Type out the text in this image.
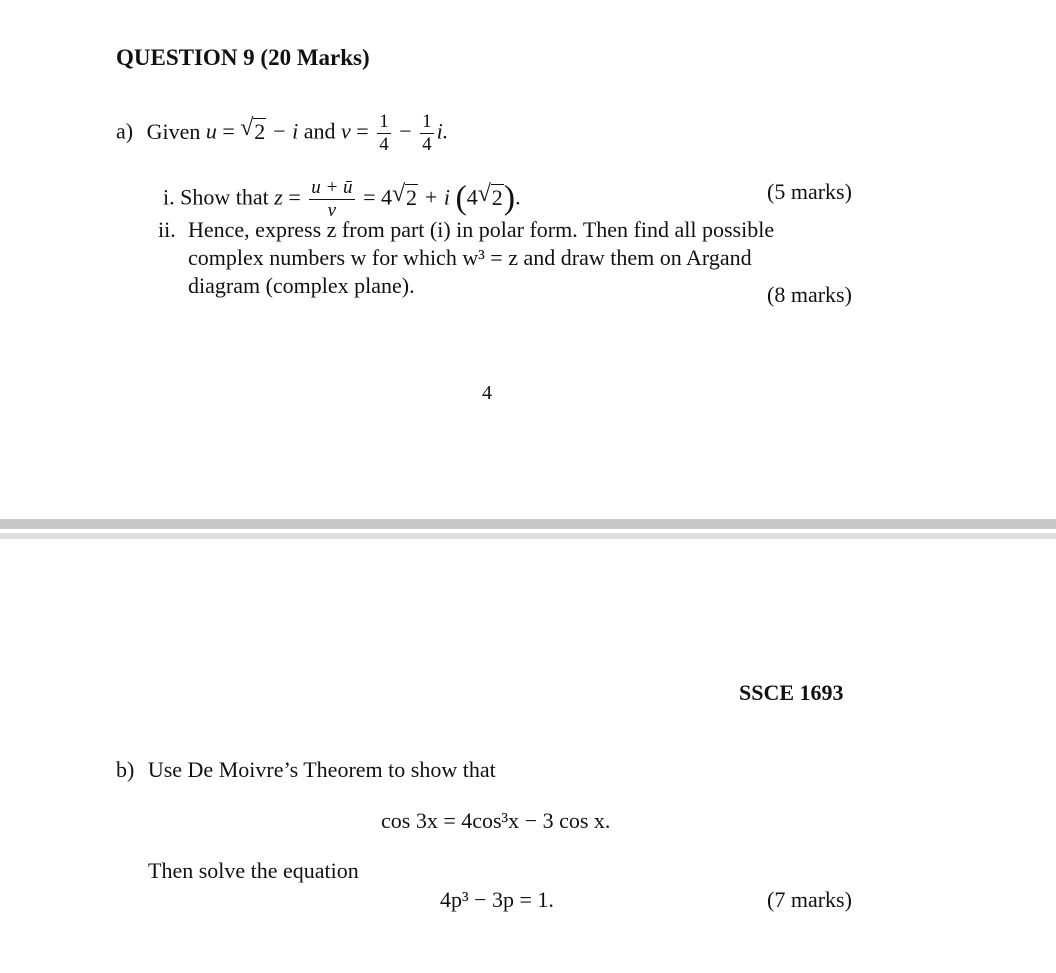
QUESTION 9 (20 Marks)
a) Given u = √ 2 − i and $v = \frac{1}{4} - \frac{1}{4} i$.
i. Show that $z = \frac{u + ū}{v} = 4$ √ 2 + i (4 √ 2).	(5 marks)
ii. Hence, express z from part (i) in polar form. Then find all possible
complex numbers w for which w³ = z and draw them on Argand
diagram (complex plane).	(8 marks)
4
SSCE 1693
b) Use De Moivre’s Theorem to show that
cos 3x = 4cos³x − 3 cos x.
Then solve the equation
4p³ − 3p = 1.	(7 marks)
